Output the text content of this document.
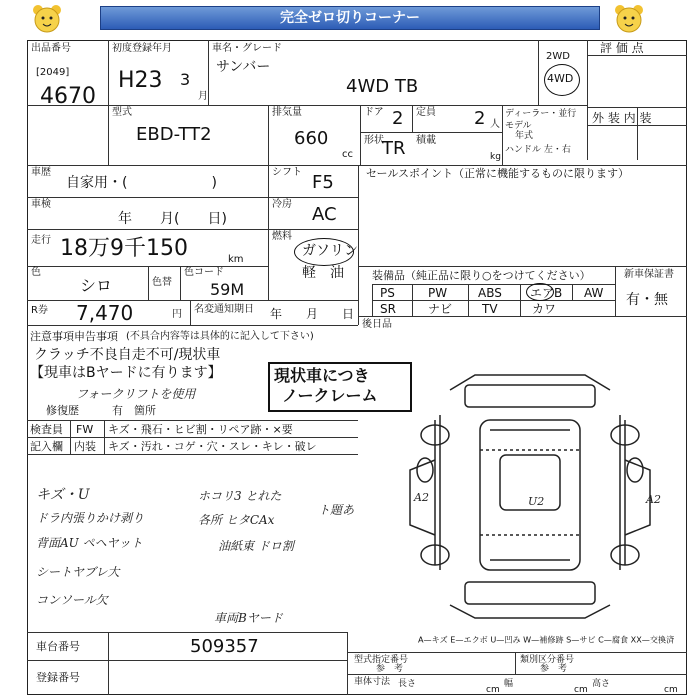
完全ゼロ切りコーナー
出品番号
[2049]
4670
初度登録年月
H23 3
月
車名・グレード
サンバー
4WD TB
2WD
4WD
評 価 点
外 装 内 装
型式
EBD-TT2
排気量
660
cc
ドア 2 定員 2 人
形状
TR 積載
kg
ディーラー・並行
モデル
年式
ハンドル 左・右
車歴
自家用・(　　　　　　)
シフト F5
車検
年　　月(　　日)
冷房 AC
走行 18万9千150	km
燃料
ガソリン
軽　油
色
シロ	色替
色コード
59M
R券 7,470	円 名変通知期日 年　　月　　日
セールスポイント（正常に機能するものに限ります）
装備品（純正品に限り○をつけてください）
PS	PW	ABS エアB AW
SR	ナビ TV	カワ
新車保証書
有・無
後日品
注意事項申告事項 (不具合内容等は具体的に記入して下さい)
クラッチ不良自走不可/現状車
【現車はBヤードに有ります】
フォークリフトを使用
修復歴	有 箇所
現状車につき
ノークレーム
検査員
記入欄
FW キズ・飛石・ヒビ割・リペア跡・×要
内装 キズ・汚れ・コゲ・穴・スレ・キレ・破レ
キズ・U
ドラ内張りかけ剥り
背面AU ペヘヤット
シートヤブレ大
コンソール欠
ホコリ3 とれた
各所 ヒタCAx
油紙東 ドロ割
ト題あ
車両Bヤード
A2	U2	A2
車台番号	509357
登録番号
A—キズ E—エクボ U—凹み W—補修跡 S—サビ C—腐食 XX—交換済
型式指定番号
参　考
類別区分番号
参　考
車体寸法 長さ
cm
幅
cm
高さ
cm
